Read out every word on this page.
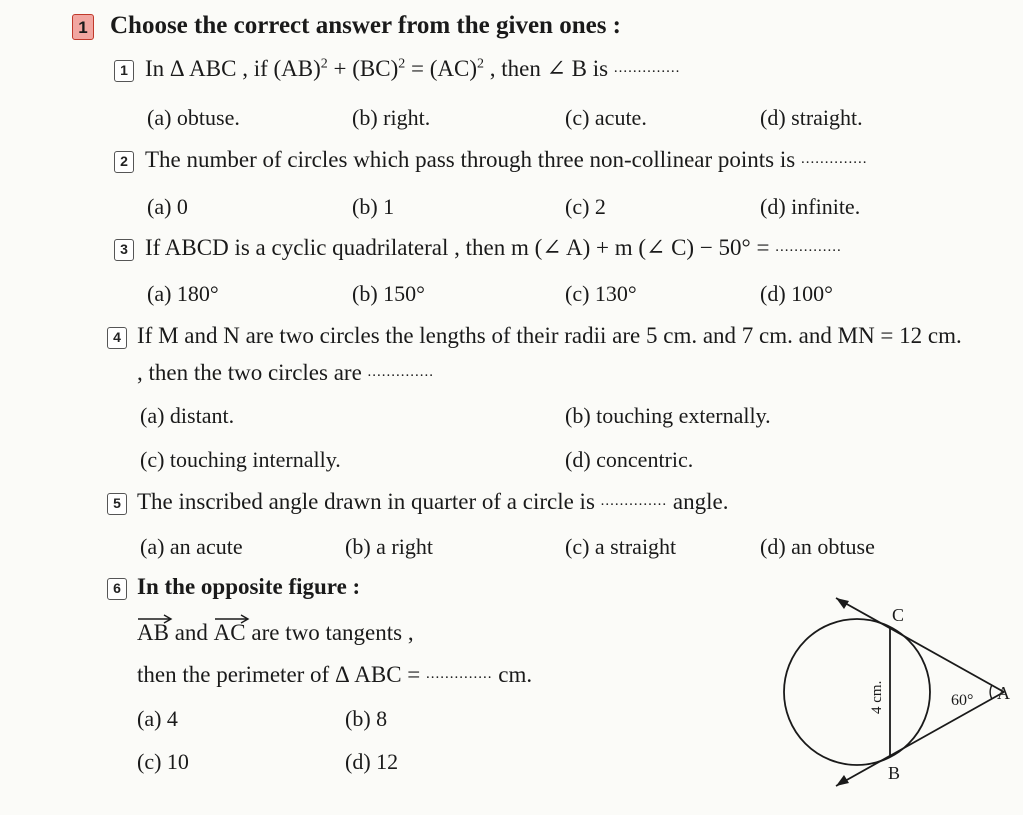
1 Choose the correct answer from the given ones :
1 In Δ ABC , if (AB)$^2$ + (BC)$^2$ = (AC)$^2$ , then ∠ B is ..............
(a) obtuse.	(b) right.	(c) acute.	(d) straight.
2 The number of circles which pass through three non-collinear points is ..............
(a) 0	(b) 1	(c) 2	(d) infinite.
3 If ABCD is a cyclic quadrilateral , then m (∠ A) + m (∠ C) − 50° = ..............
(a) 180°	(b) 150°	(c) 130°	(d) 100°
4 If M and N are two circles the lengths of their radii are 5 cm. and 7 cm. and MN = 12 cm.
, then the two circles are ..............
(a) distant.	(b) touching externally.
(c) touching internally.	(d) concentric.
5 The inscribed angle drawn in quarter of a circle is .............. angle.
(a) an acute	(b) a right	(c) a straight	(d) an obtuse
6 In the opposite figure :
AB and
AC are two tangents ,
then the perimeter of Δ ABC = .............. cm.
(a) 4	(b) 8
(c) 10	(d) 12
C
B
A
60°
4 cm.
